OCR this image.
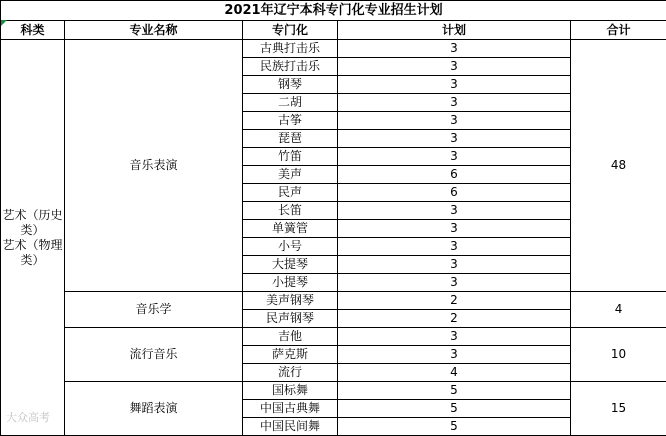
2021年辽宁本科专门化专业招生计划				
科类	专业名称	专门化	计划	合计

艺术（历史
类）
艺术（物理
类）	音乐表演	古典打击乐	3	48
		民族打击乐	3	
		钢琴	3	
		二胡	3	
		古筝	3	
		琵琶	3	
		竹笛	3	
		美声	6	
		民声	6	
		长笛	3	
		单簧管	3	
		小号	3	
		大提琴	3	
		小提琴	3	
	音乐学	美声钢琴	2	4
		民声钢琴	2	
	流行音乐	吉他	3	10
		萨克斯	3	
		流行	4	
	舞蹈表演	国标舞	5	15
		中国古典舞	5	
		中国民间舞	5	
大众高考
